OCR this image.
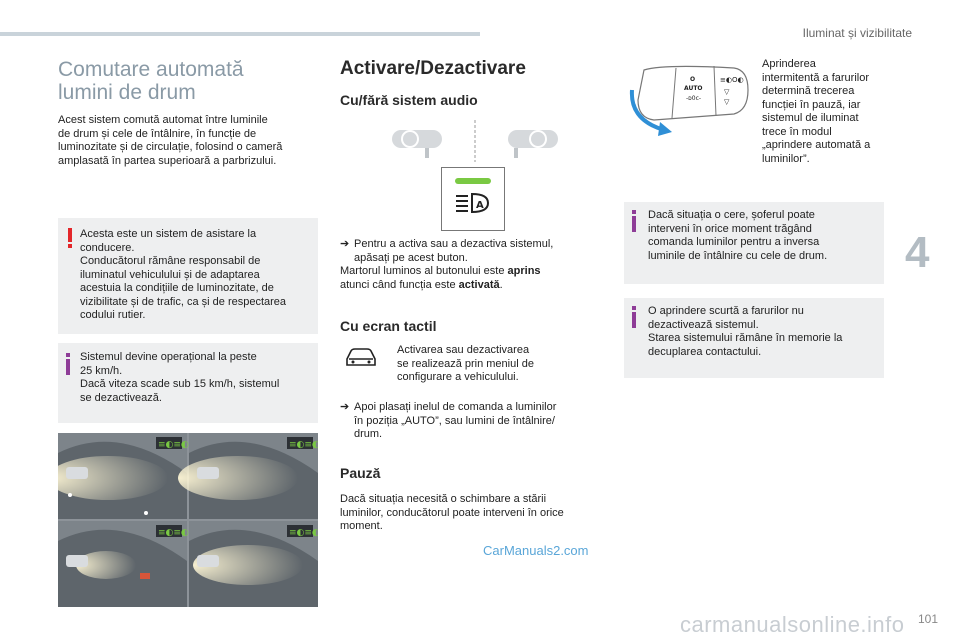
Iluminat și vizibilitate
4
101
Comutare automată
lumini de drum
Acest sistem comută automat între luminile
de drum și cele de întâlnire, în funcție de
luminozitate și de circulație, folosind o cameră
amplasată în partea superioară a parbrizului.
Acesta este un sistem de asistare la
conducere.
Conducătorul rămâne responsabil de
iluminatul vehiculului și de adaptarea
acestuia la condițiile de luminozitate, de
vizibilitate și de trafic, ca și de respectarea
codului rutier.
Sistemul devine operațional la peste
25 km/h.
Dacă viteza scade sub 15 km/h, sistemul
se dezactivează.
≡◐≡◐	≡◐≡◐
≡◐≡◐	≡◐≡◐
Activare/Dezactivare
Cu/fără sistem audio
A
➔ Pentru a activa sau a dezactiva sistemul,
apăsați pe acest buton.
Martorul luminos al butonului este aprins
atunci când funcția este activată.
Cu ecran tactil
Activarea sau dezactivarea
se realizează prin meniul de
configurare a vehiculului.
➔ Apoi plasați inelul de comanda a luminilor
în poziția „AUTO”, sau lumini de întâlnire/
drum.
Pauză
Dacă situația necesită o schimbare a stării
luminilor, conducătorul poate interveni în orice
moment.
CarManuals2.com
O
AUTO
-ᴅ0ᴄ-
≡◐O◐
▽
▽
Aprinderea
intermitentă a farurilor
determină trecerea
funcției în pauză, iar
sistemul de iluminat
trece în modul
„aprindere automată a
luminilor”.
Dacă situația o cere, șoferul poate
interveni în orice moment trăgând
comanda luminilor pentru a inversa
luminile de întâlnire cu cele de drum.
O aprindere scurtă a farurilor nu
dezactivează sistemul.
Starea sistemului rămâne în memorie la
decuplarea contactului.
carmanualsonline.info
